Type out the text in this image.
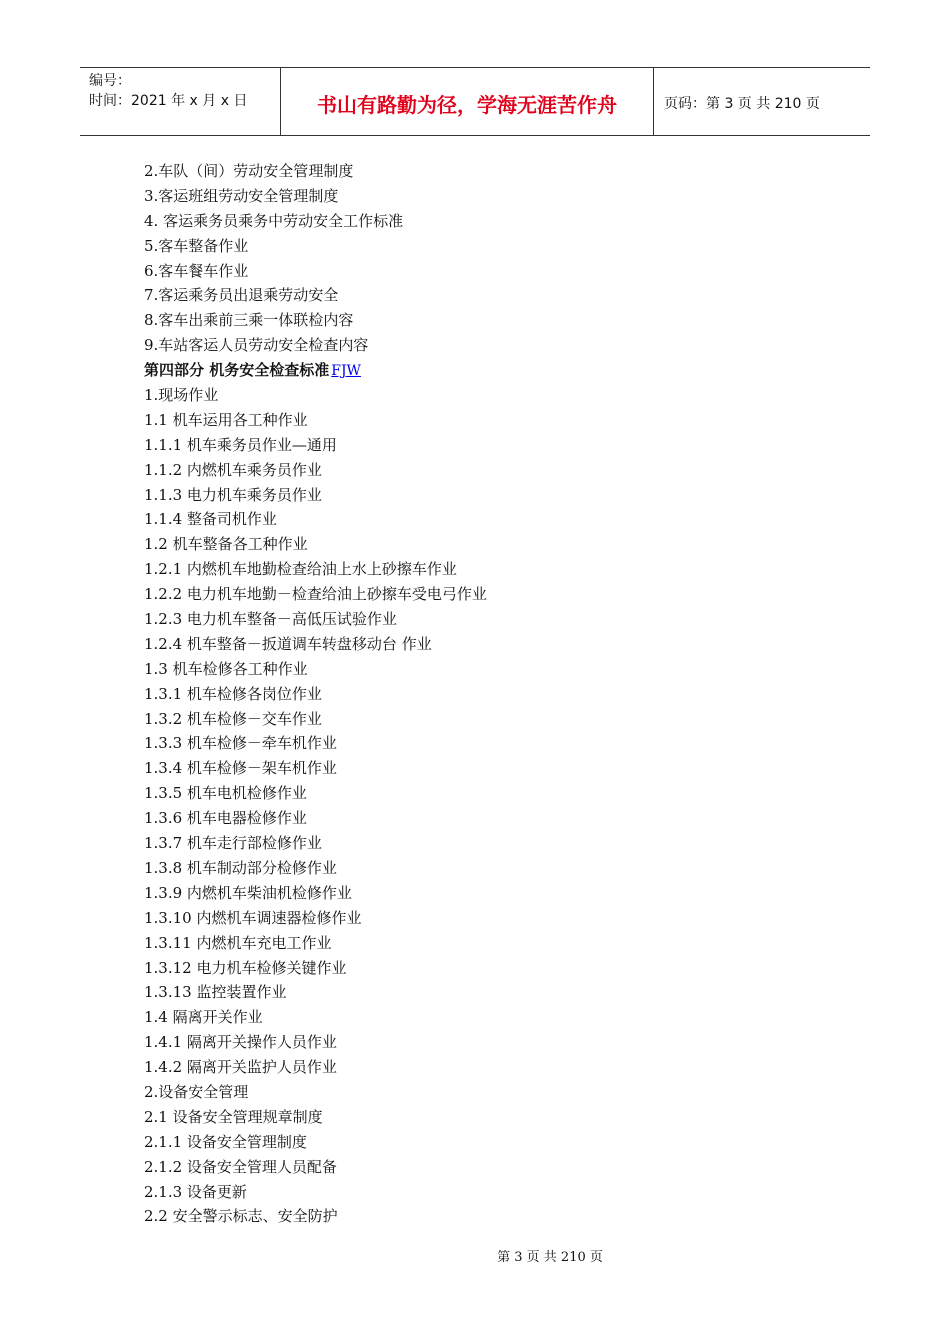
编号：
时间：2021 年 x 月 x 日	书山有路勤为径，学海无涯苦作舟	页码：第 3 页 共 210 页
2.车队（间）劳动安全管理制度
3.客运班组劳动安全管理制度
4. 客运乘务员乘务中劳动安全工作标准
5.客车整备作业
6.客车餐车作业
7.客运乘务员出退乘劳动安全
8.客车出乘前三乘一体联检内容
9.车站客运人员劳动安全检查内容
第四部分 机务安全检查标准 FJW
1.现场作业
1.1 机车运用各工种作业
1.1.1 机车乘务员作业—通用
1.1.2 内燃机车乘务员作业
1.1.3 电力机车乘务员作业
1.1.4 整备司机作业
1.2 机车整备各工种作业
1.2.1 内燃机车地勤检查给油上水上砂擦车作业
1.2.2 电力机车地勤－检查给油上砂擦车受电弓作业
1.2.3 电力机车整备－高低压试验作业
1.2.4 机车整备－扳道调车转盘移动台 作业
1.3 机车检修各工种作业
1.3.1 机车检修各岗位作业
1.3.2 机车检修－交车作业
1.3.3 机车检修－牵车机作业
1.3.4 机车检修－架车机作业
1.3.5 机车电机检修作业
1.3.6 机车电器检修作业
1.3.7 机车走行部检修作业
1.3.8 机车制动部分检修作业
1.3.9 内燃机车柴油机检修作业
1.3.10 内燃机车调速器检修作业
1.3.11 内燃机车充电工作业
1.3.12 电力机车检修关键作业
1.3.13 监控装置作业
1.4 隔离开关作业
1.4.1 隔离开关操作人员作业
1.4.2 隔离开关监护人员作业
2.设备安全管理
2.1 设备安全管理规章制度
2.1.1 设备安全管理制度
2.1.2 设备安全管理人员配备
2.1.3 设备更新
2.2 安全警示标志、安全防护
第 3 页 共 210 页
